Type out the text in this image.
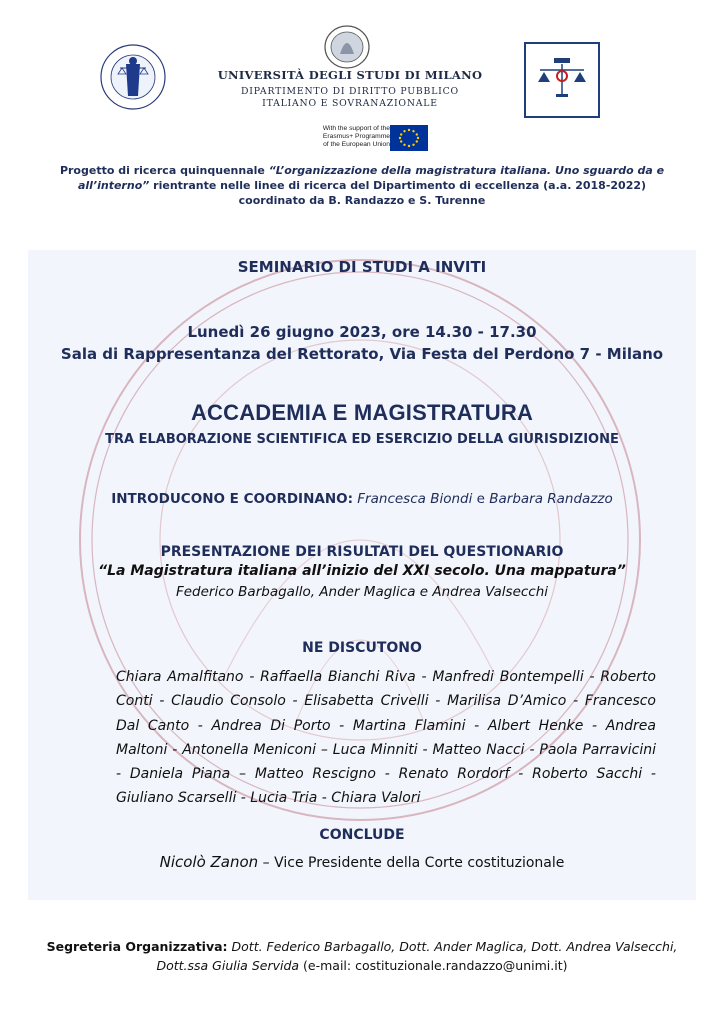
UNIVERSITÀ DEGLI STUDI DI MILANO
DIPARTIMENTO DI DIRITTO PUBBLICO
ITALIANO E SOVRANAZIONALE
With the support of the
Erasmus+ Programme
of the European Union
Progetto di ricerca quinquennale “L’organizzazione della magistratura italiana. Uno sguardo da e all’interno” rientrante nelle linee di ricerca del Dipartimento di eccellenza (a.a. 2018-2022) coordinato da B. Randazzo e S. Turenne
SEMINARIO DI STUDI A INVITI
Lunedì 26 giugno 2023, ore 14.30 - 17.30
Sala di Rappresentanza del Rettorato, Via Festa del Perdono 7 - Milano
ACCADEMIA E MAGISTRATURA
TRA ELABORAZIONE SCIENTIFICA ED ESERCIZIO DELLA GIURISDIZIONE
INTRODUCONO E COORDINANO: Francesca Biondi e Barbara Randazzo
PRESENTAZIONE DEI RISULTATI DEL QUESTIONARIO
“La Magistratura italiana all’inizio del XXI secolo. Una mappatura”
Federico Barbagallo, Ander Maglica e Andrea Valsecchi
NE DISCUTONO
Chiara Amalfitano - Raffaella Bianchi Riva - Manfredi Bontempelli - Roberto Conti - Claudio Consolo - Elisabetta Crivelli - Marilisa D’Amico - Francesco Dal Canto - Andrea Di Porto - Martina Flamini - Albert Henke - Andrea Maltoni - Antonella Meniconi – Luca Minniti - Matteo Nacci - Paola Parravicini - Daniela Piana – Matteo Rescigno - Renato Rordorf - Roberto Sacchi - Giuliano Scarselli - Lucia Tria - Chiara Valori
CONCLUDE
Nicolò Zanon – Vice Presidente della Corte costituzionale
Segreteria Organizzativa: Dott. Federico Barbagallo, Dott. Ander Maglica, Dott. Andrea Valsecchi, Dott.ssa Giulia Servida (e-mail: costituzionale.randazzo@unimi.it)
